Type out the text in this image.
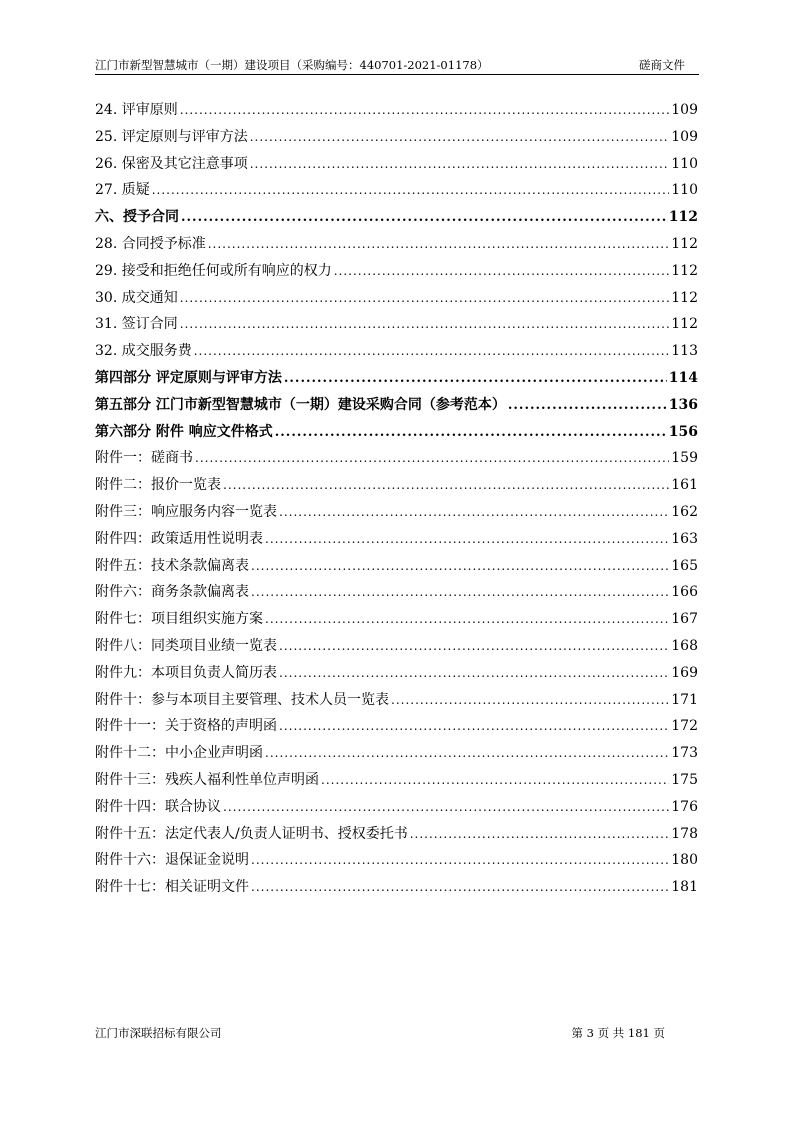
江门市新型智慧城市（一期）建设项目（采购编号：440701-2021-01178）	磋商文件
24. 评审原则 .....	109
25. 评定原则与评审方法 .....	109
26. 保密及其它注意事项 .....	110
27. 质疑 .....	110
六、授予合同 .....	112
28. 合同授予标准 .....	112
29. 接受和拒绝任何或所有响应的权力 .....	112
30. 成交通知 .....	112
31. 签订合同 .....	112
32. 成交服务费 .....	113
第四部分 评定原则与评审方法 .....	114
第五部分 江门市新型智慧城市（一期）建设采购合同（参考范本） .....	136
第六部分 附件 响应文件格式 .....	156
附件一：磋商书 .....	159
附件二：报价一览表 .....	161
附件三：响应服务内容一览表 .....	162
附件四：政策适用性说明表 .....	163
附件五：技术条款偏离表 .....	165
附件六：商务条款偏离表 .....	166
附件七：项目组织实施方案 .....	167
附件八：同类项目业绩一览表 .....	168
附件九：本项目负责人简历表 .....	169
附件十：参与本项目主要管理、技术人员一览表 .....	171
附件十一：关于资格的声明函 .....	172
附件十二：中小企业声明函 .....	173
附件十三：残疾人福利性单位声明函 .....	175
附件十四：联合协议 .....	176
附件十五：法定代表人/负责人证明书、授权委托书 .....	178
附件十六：退保证金说明 .....	180
附件十七：相关证明文件 .....	181
江门市深联招标有限公司	第 3 页 共 181 页
